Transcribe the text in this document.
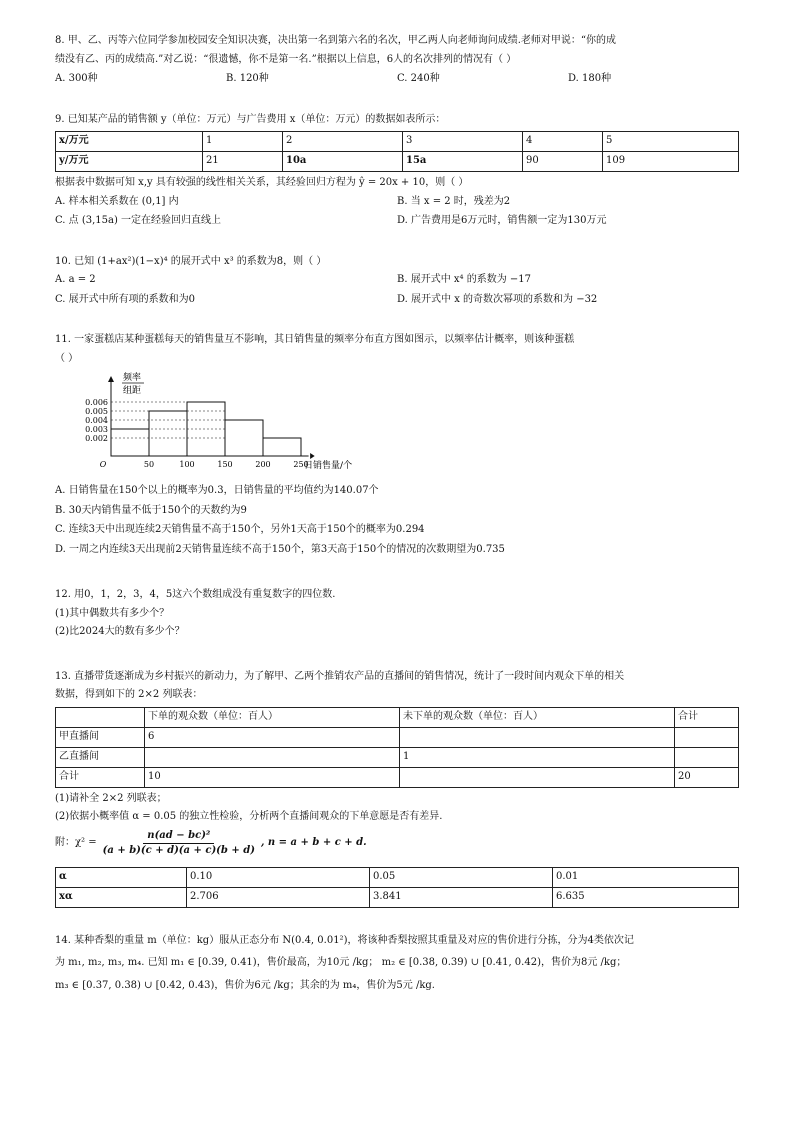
8. 甲、乙、丙等六位同学参加校园安全知识决赛，决出第一名到第六名的名次，甲乙两人向老师询问成绩.老师对甲说：“你的成
绩没有乙、丙的成绩高.”对乙说：“很遗憾，你不是第一名.”根据以上信息，6人的名次排列的情况有（ ）
A. 300种	B. 120种	C. 240种	D. 180种
9. 已知某产品的销售额 y（单位：万元）与广告费用 x（单位：万元）的数据如表所示：
x/万元	1	2	3	4	5
y/万元	21	10a	15a	90	109
根据表中数据可知 x,y 具有较强的线性相关关系，其经验回归方程为 ŷ = 20x + 10，则（ ）
A. 样本相关系数在 (0,1] 内	B. 当 x = 2 时，残差为2
C. 点 (3,15a) 一定在经验回归直线上	D. 广告费用是6万元时，销售额一定为130万元
10. 已知 (1+ax²)(1−x)⁴ 的展开式中 x³ 的系数为8，则（ ）
A. a = 2	B. 展开式中 x⁴ 的系数为 −17
C. 展开式中所有项的系数和为0	D. 展开式中 x 的奇数次幂项的系数和为 −32
11. 一家蛋糕店某种蛋糕每天的销售量互不影响，其日销售量的频率分布直方图如图示，以频率估计概率，则该种蛋糕
（ ）
0.006
0.005
0.004
0.003
0.002
50	100	150	200	250
O
频率
组距
日销售量/个
A. 日销售量在150个以上的概率为0.3，日销售量的平均值约为140.07个
B. 30天内销售量不低于150个的天数约为9
C. 连续3天中出现连续2天销售量不高于150个，另外1天高于150个的概率为0.294
D. 一周之内连续3天出现前2天销售量连续不高于150个，第3天高于150个的情况的次数期望为0.735
12. 用0，1，2，3，4，5这六个数组成没有重复数字的四位数.
(1)其中偶数共有多少个？
(2)比2024大的数有多少个？
13. 直播带货逐渐成为乡村振兴的新动力，为了解甲、乙两个推销农产品的直播间的销售情况，统计了一段时间内观众下单的相关
数据，得到如下的 2×2 列联表：
	下单的观众数（单位：百人）	未下单的观众数（单位：百人）	合计
甲直播间	6		
乙直播间		1	
合计	10		20
(1)请补全 2×2 列联表；
(2)依据小概率值 α = 0.05 的独立性检验，分析两个直播间观众的下单意愿是否有差异.
附：$\chi^2 = \frac{\text{n(ad − bc)²}}{(a + b)(c + d)(a + c)(b + d)}$ , n = a + b + c + d.
α	0.10	0.05	0.01
xα	2.706	3.841	6.635
14. 某种香梨的重量 m（单位：kg）服从正态分布 N(0.4, 0.01²)，将该种香梨按照其重量及对应的售价进行分拣，分为4类依次记
为 m₁, m₂, m₃, m₄. 已知 m₁ ∈ [0.39, 0.41)，售价最高，为10元 /kg； m₂ ∈ [0.38, 0.39) ∪ [0.41, 0.42)，售价为8元 /kg；
m₃ ∈ [0.37, 0.38) ∪ [0.42, 0.43)，售价为6元 /kg；其余的为 m₄，售价为5元 /kg.
